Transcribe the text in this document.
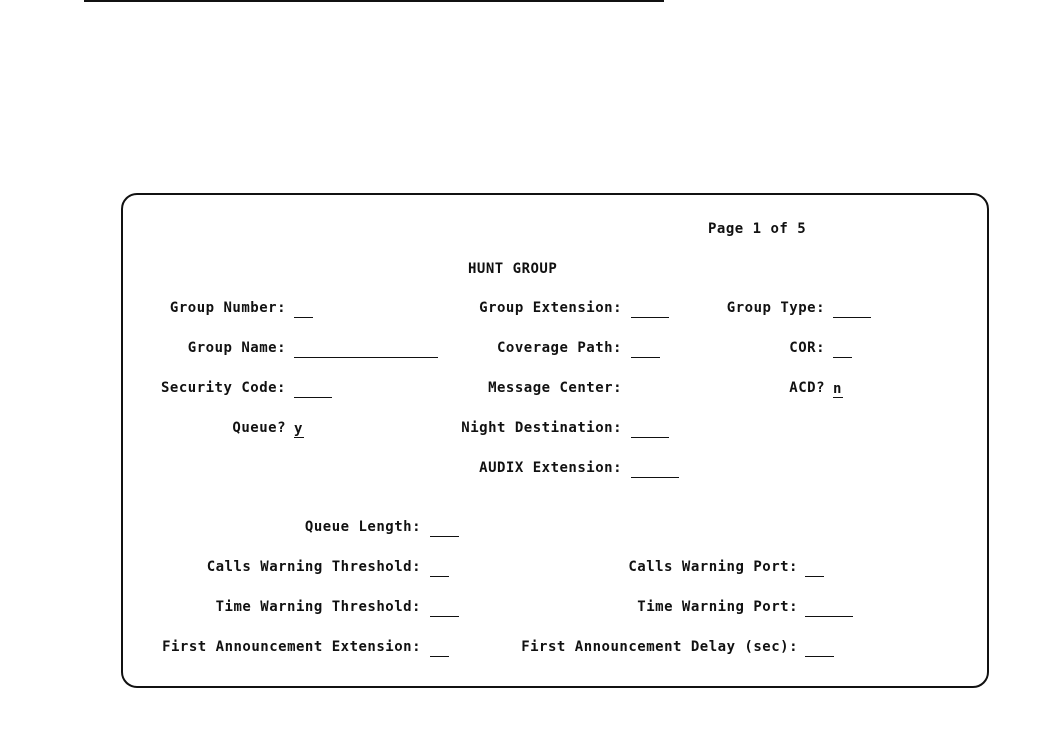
Page 1 of 5
HUNT GROUP
Group Number:	Group Extension:	Group Type:
Group Name:	Coverage Path:	COR:
Security Code:	Message Center:	ACD? n
Queue? y	Night Destination:
AUDIX Extension:
Queue Length:
Calls Warning Threshold:	Calls Warning Port:
Time Warning Threshold:	Time Warning Port:
First Announcement Extension:	First Announcement Delay (sec):
